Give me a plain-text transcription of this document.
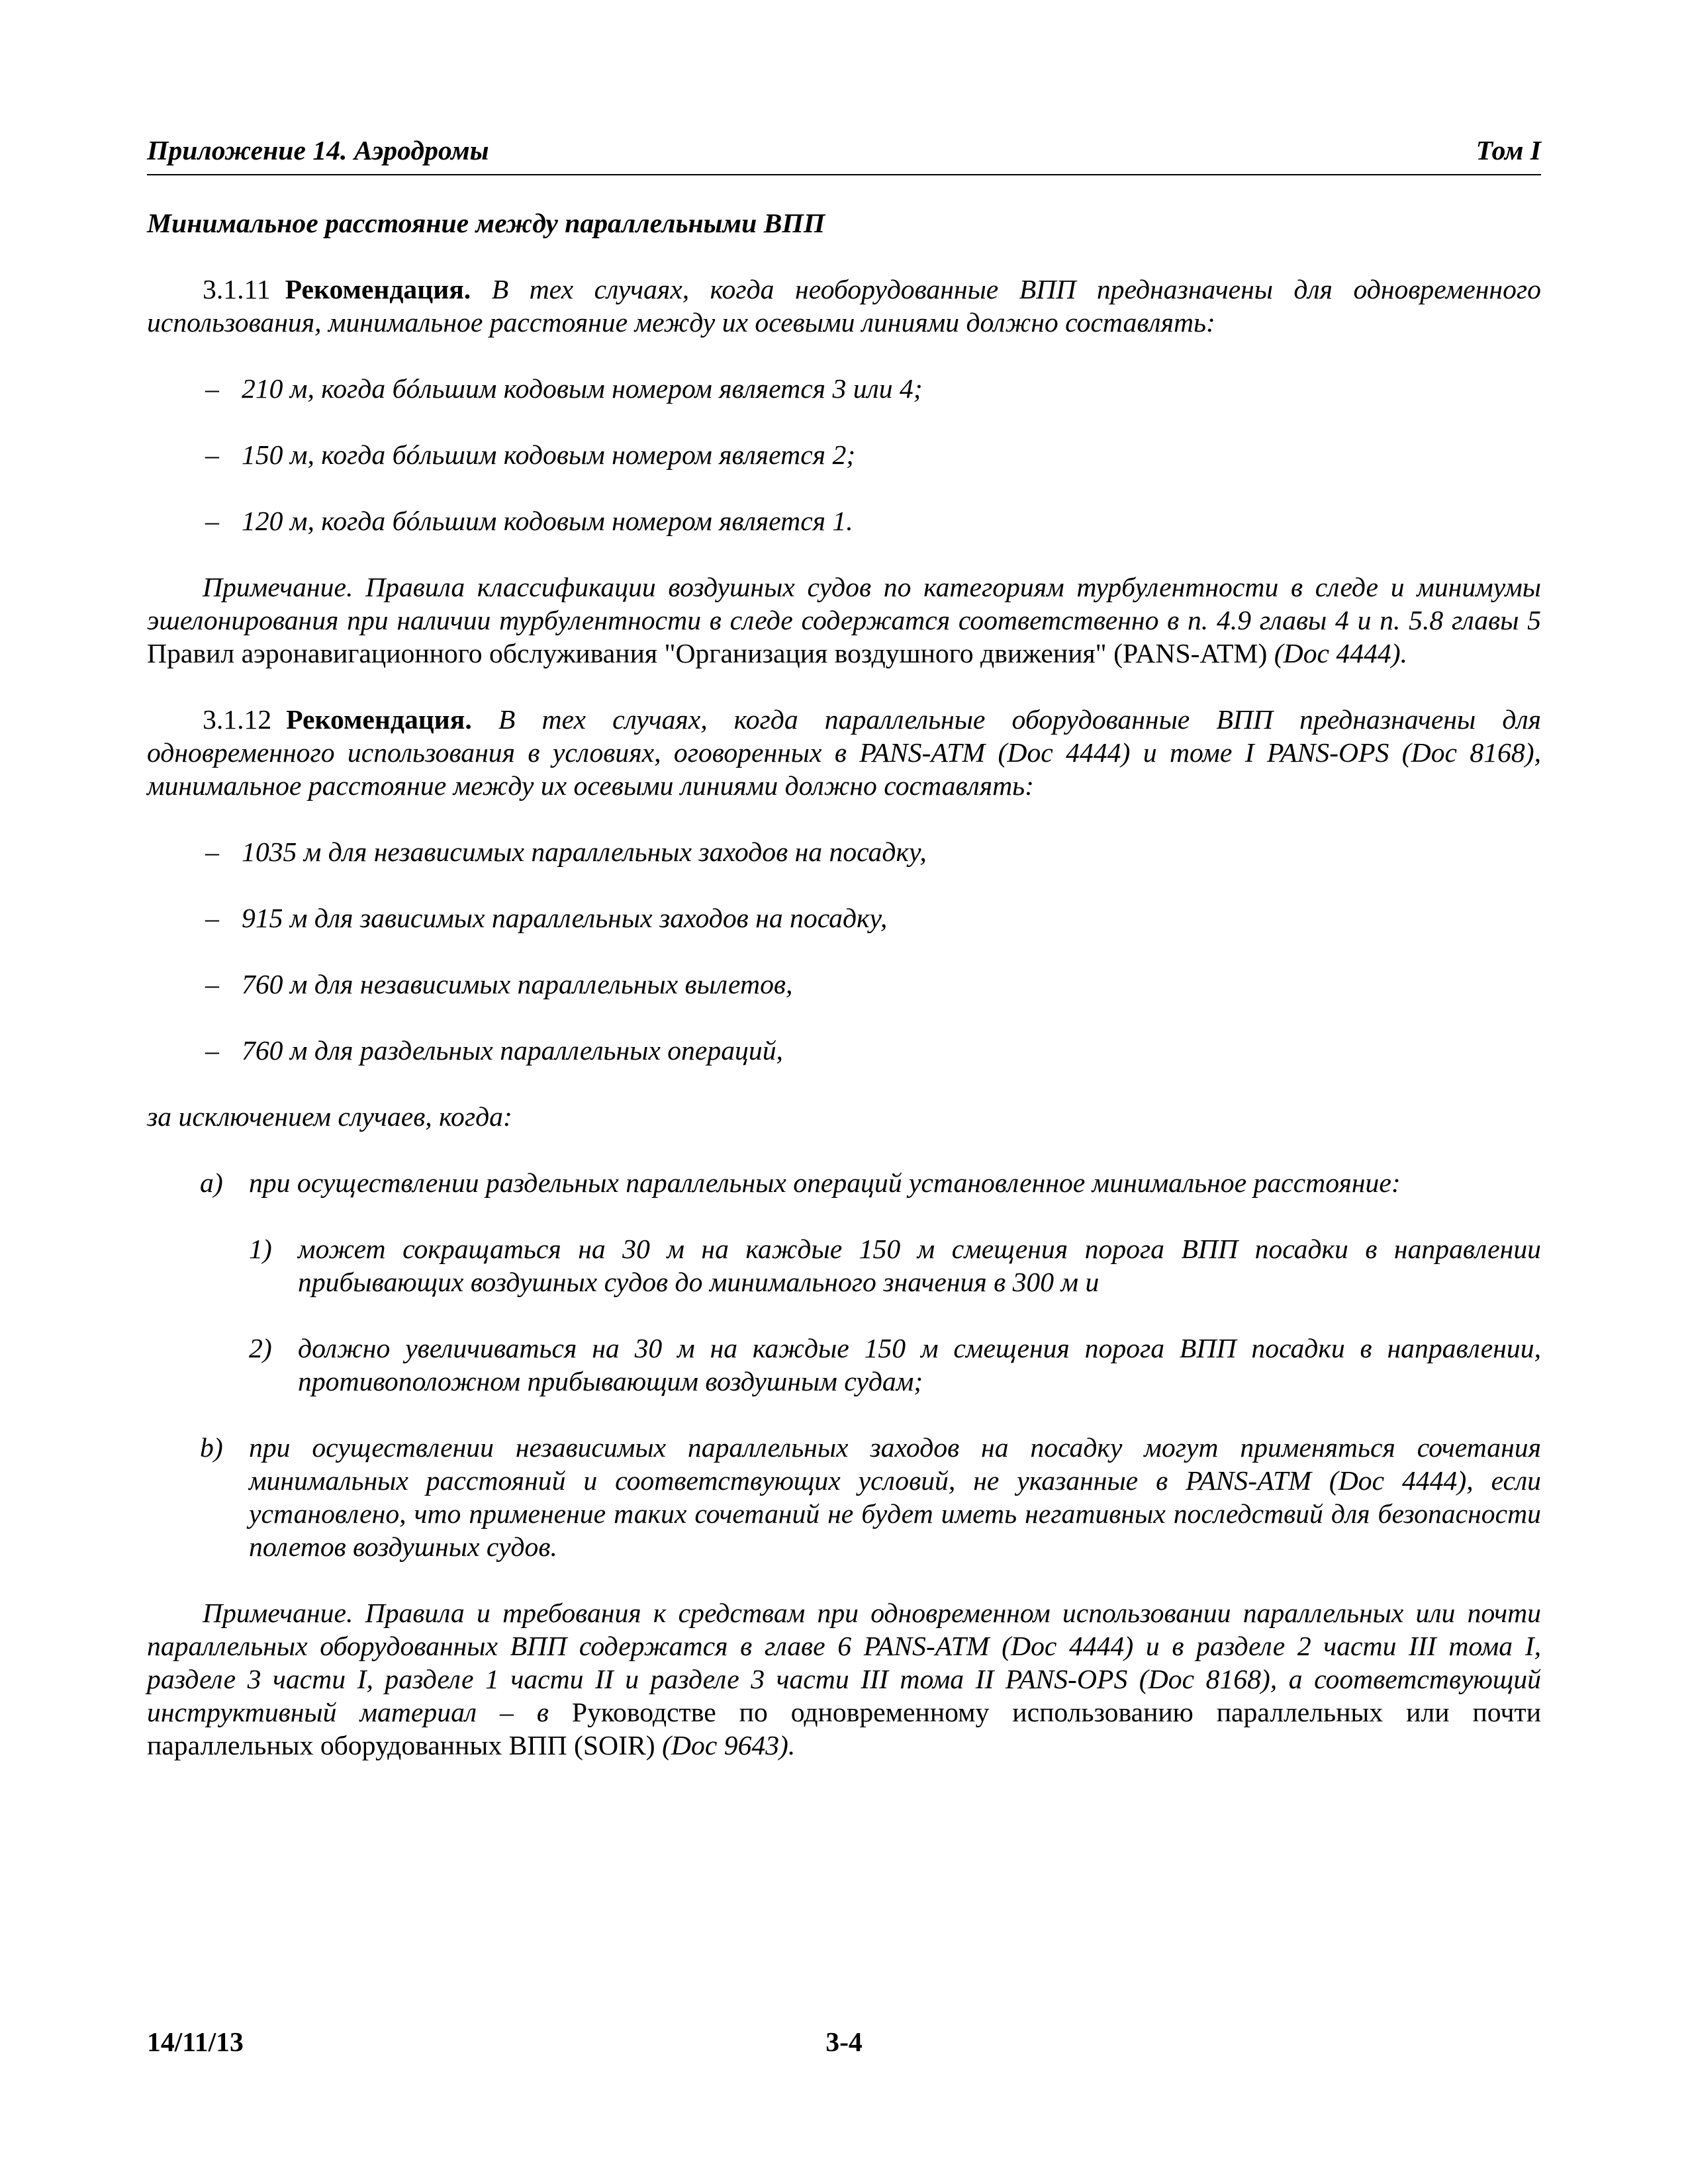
Приложение 14. Аэродромы	Том I

Минимальное расстояние между параллельными ВПП

3.1.11 Рекомендация. В тех случаях, когда необорудованные ВПП предназначены для одновременного использования, минимальное расстояние между их осевыми линиями должно составлять:

– 210 м, когда бóльшим кодовым номером является 3 или 4;
– 150 м, когда бóльшим кодовым номером является 2;
– 120 м, когда бóльшим кодовым номером является 1.

Примечание. Правила классификации воздушных судов по категориям турбулентности в следе и минимумы эшелонирования при наличии турбулентности в следе содержатся соответственно в п. 4.9 главы 4 и п. 5.8 главы 5 Правил аэронавигационного обслуживания "Организация воздушного движения" (PANS-ATM) (Doc 4444).

3.1.12 Рекомендация. В тех случаях, когда параллельные оборудованные ВПП предназначены для одновременного использования в условиях, оговоренных в PANS-ATM (Doc 4444) и томе I PANS-OPS (Doc 8168), минимальное расстояние между их осевыми линиями должно составлять:

– 1035 м для независимых параллельных заходов на посадку,
– 915 м для зависимых параллельных заходов на посадку,
– 760 м для независимых параллельных вылетов,
– 760 м для раздельных параллельных операций,

за исключением случаев, когда:

a) при осуществлении раздельных параллельных операций установленное минимальное расстояние:
1) может сокращаться на 30 м на каждые 150 м смещения порога ВПП посадки в направлении прибывающих воздушных судов до минимального значения в 300 м и
2) должно увеличиваться на 30 м на каждые 150 м смещения порога ВПП посадки в направлении, противоположном прибывающим воздушным судам;
b) при осуществлении независимых параллельных заходов на посадку могут применяться сочетания минимальных расстояний и соответствующих условий, не указанные в PANS-ATM (Doc 4444), если установлено, что применение таких сочетаний не будет иметь негативных последствий для безопасности полетов воздушных судов.

Примечание. Правила и требования к средствам при одновременном использовании параллельных или почти параллельных оборудованных ВПП содержатся в главе 6 PANS-ATM (Doc 4444) и в разделе 2 части III тома I, разделе 3 части I, разделе 1 части II и разделе 3 части III тома II PANS-OPS (Doc 8168), а соответствующий инструктивный материал – в Руководстве по одновременному использованию параллельных или почти параллельных оборудованных ВПП (SOIR) (Doc 9643).

14/11/13	3-4
